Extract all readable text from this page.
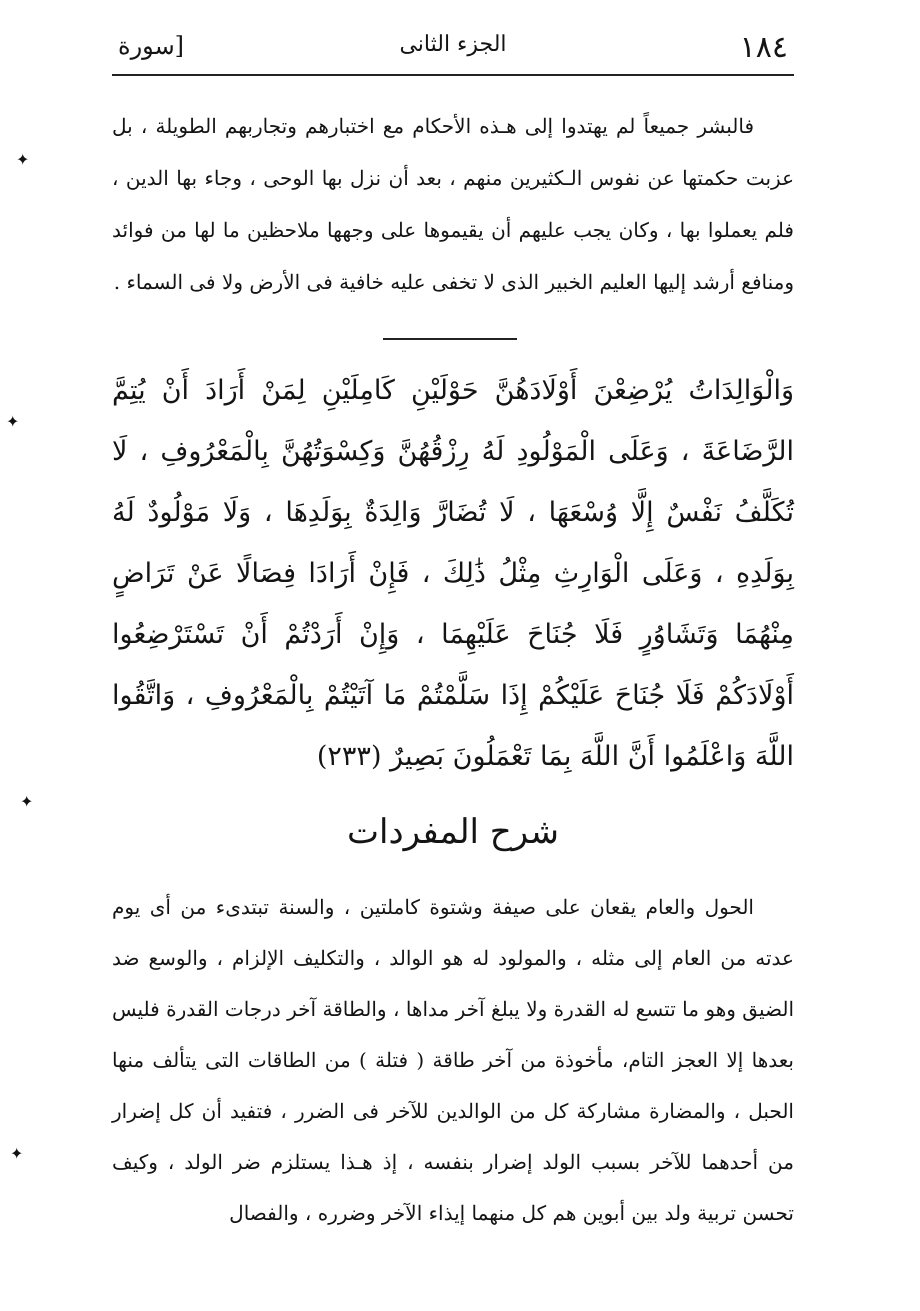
١٨٤
الجزء الثانى
[سورة

فالبشر جميعاً لم يهتدوا إلى هـذه الأحكام مع اختبارهم وتجاربهم الطويلة ، بل عزبت حكمتها عن نفوس الـكثيرين منهم ، بعد أن نزل بها الوحى ، وجاء بها الدين ، فلم يعملوا بها ، وكان يجب عليهم أن يقيموها على وجهها ملاحظين ما لها من فوائد ومنافع أرشد إليها العليم الخبير الذى لا تخفى عليه خافية فى الأرض ولا فى السماء .

وَالْوَالِدَاتُ يُرْضِعْنَ أَوْلَادَهُنَّ حَوْلَيْنِ كَامِلَيْنِ لِمَنْ أَرَادَ أَنْ يُتِمَّ الرَّضَاعَةَ ، وَعَلَى الْمَوْلُودِ لَهُ رِزْقُهُنَّ وَكِسْوَتُهُنَّ بِالْمَعْرُوفِ ، لَا تُكَلَّفُ نَفْسٌ إِلَّا وُسْعَهَا ، لَا تُضَارَّ وَالِدَةٌ بِوَلَدِهَا ، وَلَا مَوْلُودٌ لَهُ بِوَلَدِهِ ، وَعَلَى الْوَارِثِ مِثْلُ ذَٰلِكَ ، فَإِنْ أَرَادَا فِصَالًا عَنْ تَرَاضٍ مِنْهُمَا وَتَشَاوُرٍ فَلَا جُنَاحَ عَلَيْهِمَا ، وَإِنْ أَرَدْتُمْ أَنْ تَسْتَرْضِعُوا أَوْلَادَكُمْ فَلَا جُنَاحَ عَلَيْكُمْ إِذَا سَلَّمْتُمْ مَا آتَيْتُمْ بِالْمَعْرُوفِ ، وَاتَّقُوا اللَّهَ وَاعْلَمُوا أَنَّ اللَّهَ بِمَا تَعْمَلُونَ بَصِيرٌ (٢٣٣)

شرح المفردات

الحول والعام يقعان على صيفة وشتوة كاملتين ، والسنة تبتدىء من أى يوم عدته من العام إلى مثله ، والمولود له هو الوالد ، والتكليف الإلزام ، والوسع ضد الضيق وهو ما تتسع له القدرة ولا يبلغ آخر مداها ، والطاقة آخر درجات القدرة فليس بعدها إلا العجز التام، مأخوذة من آخر طاقة ( فتلة ) من الطاقات التى يتألف منها الحبل ، والمضارة مشاركة كل من الوالدين للآخر فى الضرر ، فتفيد أن كل إضرار من أحدهما للآخر بسبب الولد إضرار بنفسه ، إذ هـذا يستلزم ضر الولد ، وكيف تحسن تربية ولد بين أبوين هم كل منهما إيذاء الآخر وضرره ، والفصال

✦
✦
✦
✦
